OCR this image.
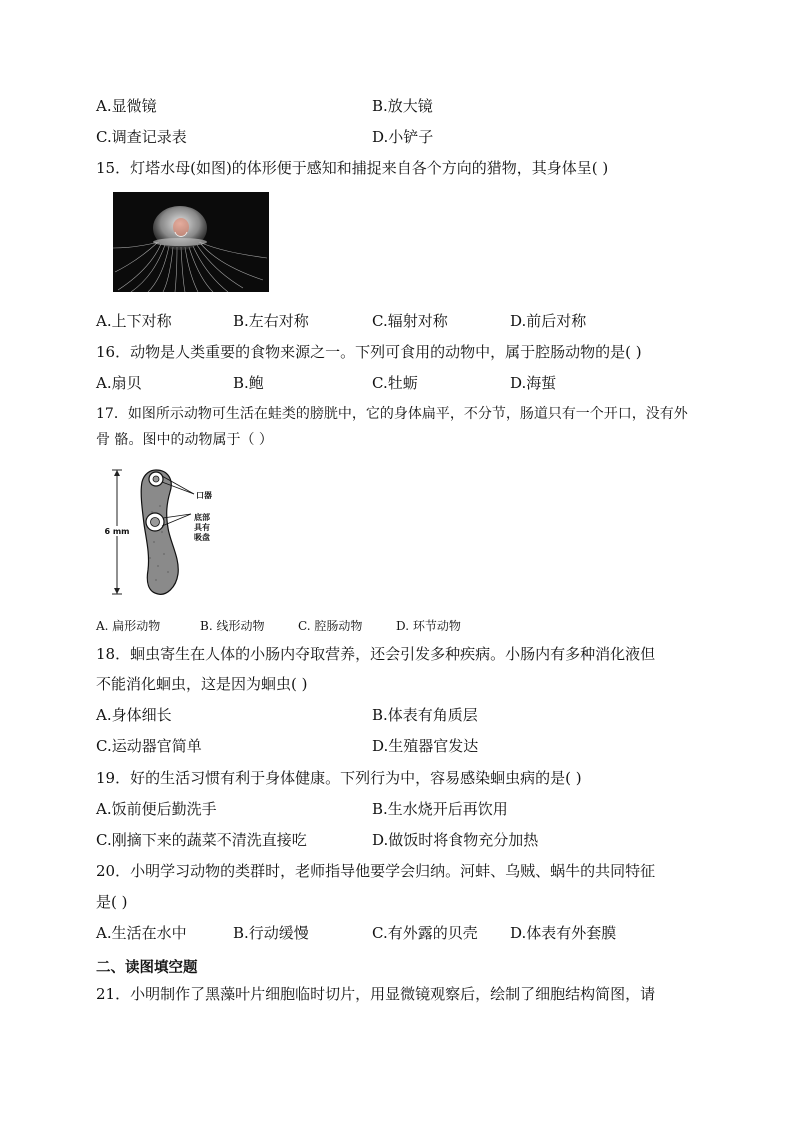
A.显微镜	B.放大镜
C.调查记录表	D.小铲子
15．灯塔水母(如图)的体形便于感知和捕捉来自各个方向的猎物，其身体呈( )
A.上下对称	B.左右对称	C.辐射对称	D.前后对称
16．动物是人类重要的食物来源之一。下列可食用的动物中，属于腔肠动物的是( )
A.扇贝	B.鲍	C.牡蛎	D.海蜇
17．如图所示动物可生活在蛙类的膀胱中，它的身体扁平，不分节，肠道只有一个开口，没有外
骨 骼。图中的动物属于（ ）
6 mm
口器
底部
具有
吸盘
A. 扁形动物	B. 线形动物	C. 腔肠动物	D. 环节动物
18．蛔虫寄生在人体的小肠内夺取营养，还会引发多种疾病。小肠内有多种消化液但
不能消化蛔虫，这是因为蛔虫( )
A.身体细长	B.体表有角质层
C.运动器官简单	D.生殖器官发达
19．好的生活习惯有利于身体健康。下列行为中，容易感染蛔虫病的是( )
A.饭前便后勤洗手	B.生水烧开后再饮用
C.刚摘下来的蔬菜不清洗直接吃	D.做饭时将食物充分加热
20．小明学习动物的类群时，老师指导他要学会归纳。河蚌、乌贼、蜗牛的共同特征
是( )
A.生活在水中	B.行动缓慢	C.有外露的贝壳 D.体表有外套膜
二、读图填空题
21．小明制作了黑藻叶片细胞临时切片，用显微镜观察后，绘制了细胞结构简图，请
